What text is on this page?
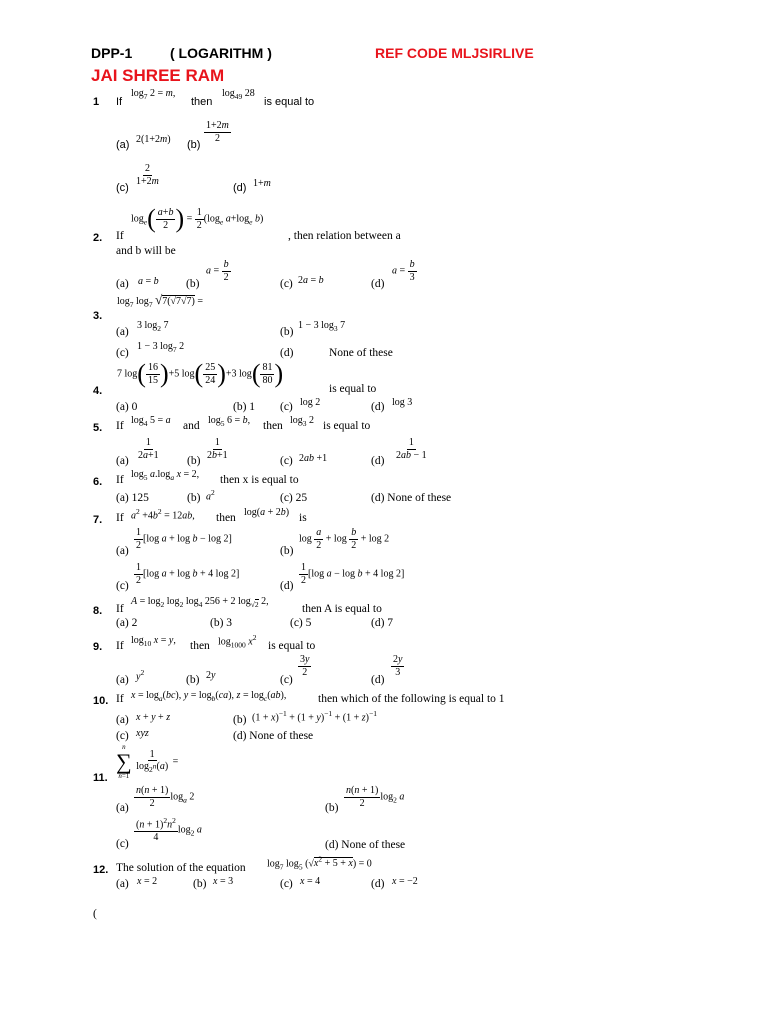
DPP-1	( LOGARITHM )	REF CODE MLJSIRLIVE
JAI SHREE RAM
1 If
$\log_7 2 = m$,
then
$\log_{49} 28$
is equal to
(a) 2(1+2m) (b)
$\frac{1+2m}{2}$
(c)
$\frac{2}{1+2m}$
(d) 1+m
$\log_e( \frac{a+b}{2}$ ) = $\frac{1}{2} (\log_e$ $a+\log_e$ b)
2. If	, then relation between a
and b will be
(a) a = b (b)
$a = \frac{b}{2}$
(c) 2a = b	(d)
$a = \frac{b}{3}$
$\log_7 \log_7 √7(√7√7)$ =
3.
(a)
3 $\log_2 7$
(b)
1 − 3 $\log_3 7$
(c)
1 − 3 $\log_7 2$
(d)	None of these
7 $\log( \frac{16}{15} )+5$ $\log( \frac{25}{24} )+3$ $\log( \frac{81}{80}$ )
4.	is equal to
(a) 0	(b) 1 (c) log 2	(d) log 3
5. If $\log_4 5 = a$ and $\log_5 6 = b$, then $\log_3 2$ is equal to
$(a) \frac{1}{2a+1} (b) \frac{1}{2b+1}$	(c) 2ab +1	$(d) \frac{1}{2ab - 1}$
6. If $\log_5 a.\log_a$ x = 2, then x is equal to
(a) 125	(b) $a^2$	(c) 25	(d) None of these
7. If $a^2 +4b^2 = 12ab$, then log(a + 2b) is
$(a) \frac{1}{2} [\log$ a + log b − log 2]
(b)
$\log \frac{a}{2} + \log \frac{b}{2} + \log 2$
$(c) \frac{1}{2} [\log$ a + log b + 4 log 2]
$(d) \frac{1}{2} [\log$ a − log b + 4 log 2]
8. If
$A = \log_2 \log_2 \log_4 256 + 2$ $\log_{√2} 2$,
then A is equal to
(a) 2	(b) 3	(c) 5	(d) 7
9. If $\log_{10} x = y$, then $\log_{1000} x^2$
is equal to
(a) $y^2$
(b) 2y	(c)
$\frac{3y}{2}$
(d)
$\frac{2y}{3}$
10. If $x = \log_a(bc)$, $y = \log_b(ca)$, $z = \log_c(ab)$,	then which of the following is equal to 1
(a) x + y + z	(b) $(1 + x)^{-1} + (1 + y)^{-1} + (1 + z)^{-1}$
(c) xyz	(d) None of these
n
∑
n=1

$\frac{1}{\log_{2^n}(a)}$ =
11.
$(a) \frac{n(n + 1)}{2} \log_a 2$
$(b) \frac{n(n + 1)}{2} \log_2 a$
(c)
$\frac{(n + 1)^2n^2}{4} \log_2 a$
(d) None of these
12. The solution of the equation $\log_7 \log_5 (√x^2 + 5 + x) = 0$
(a) x = 2	(b) x = 3	(c) x = 4	(d) x = −2
(
